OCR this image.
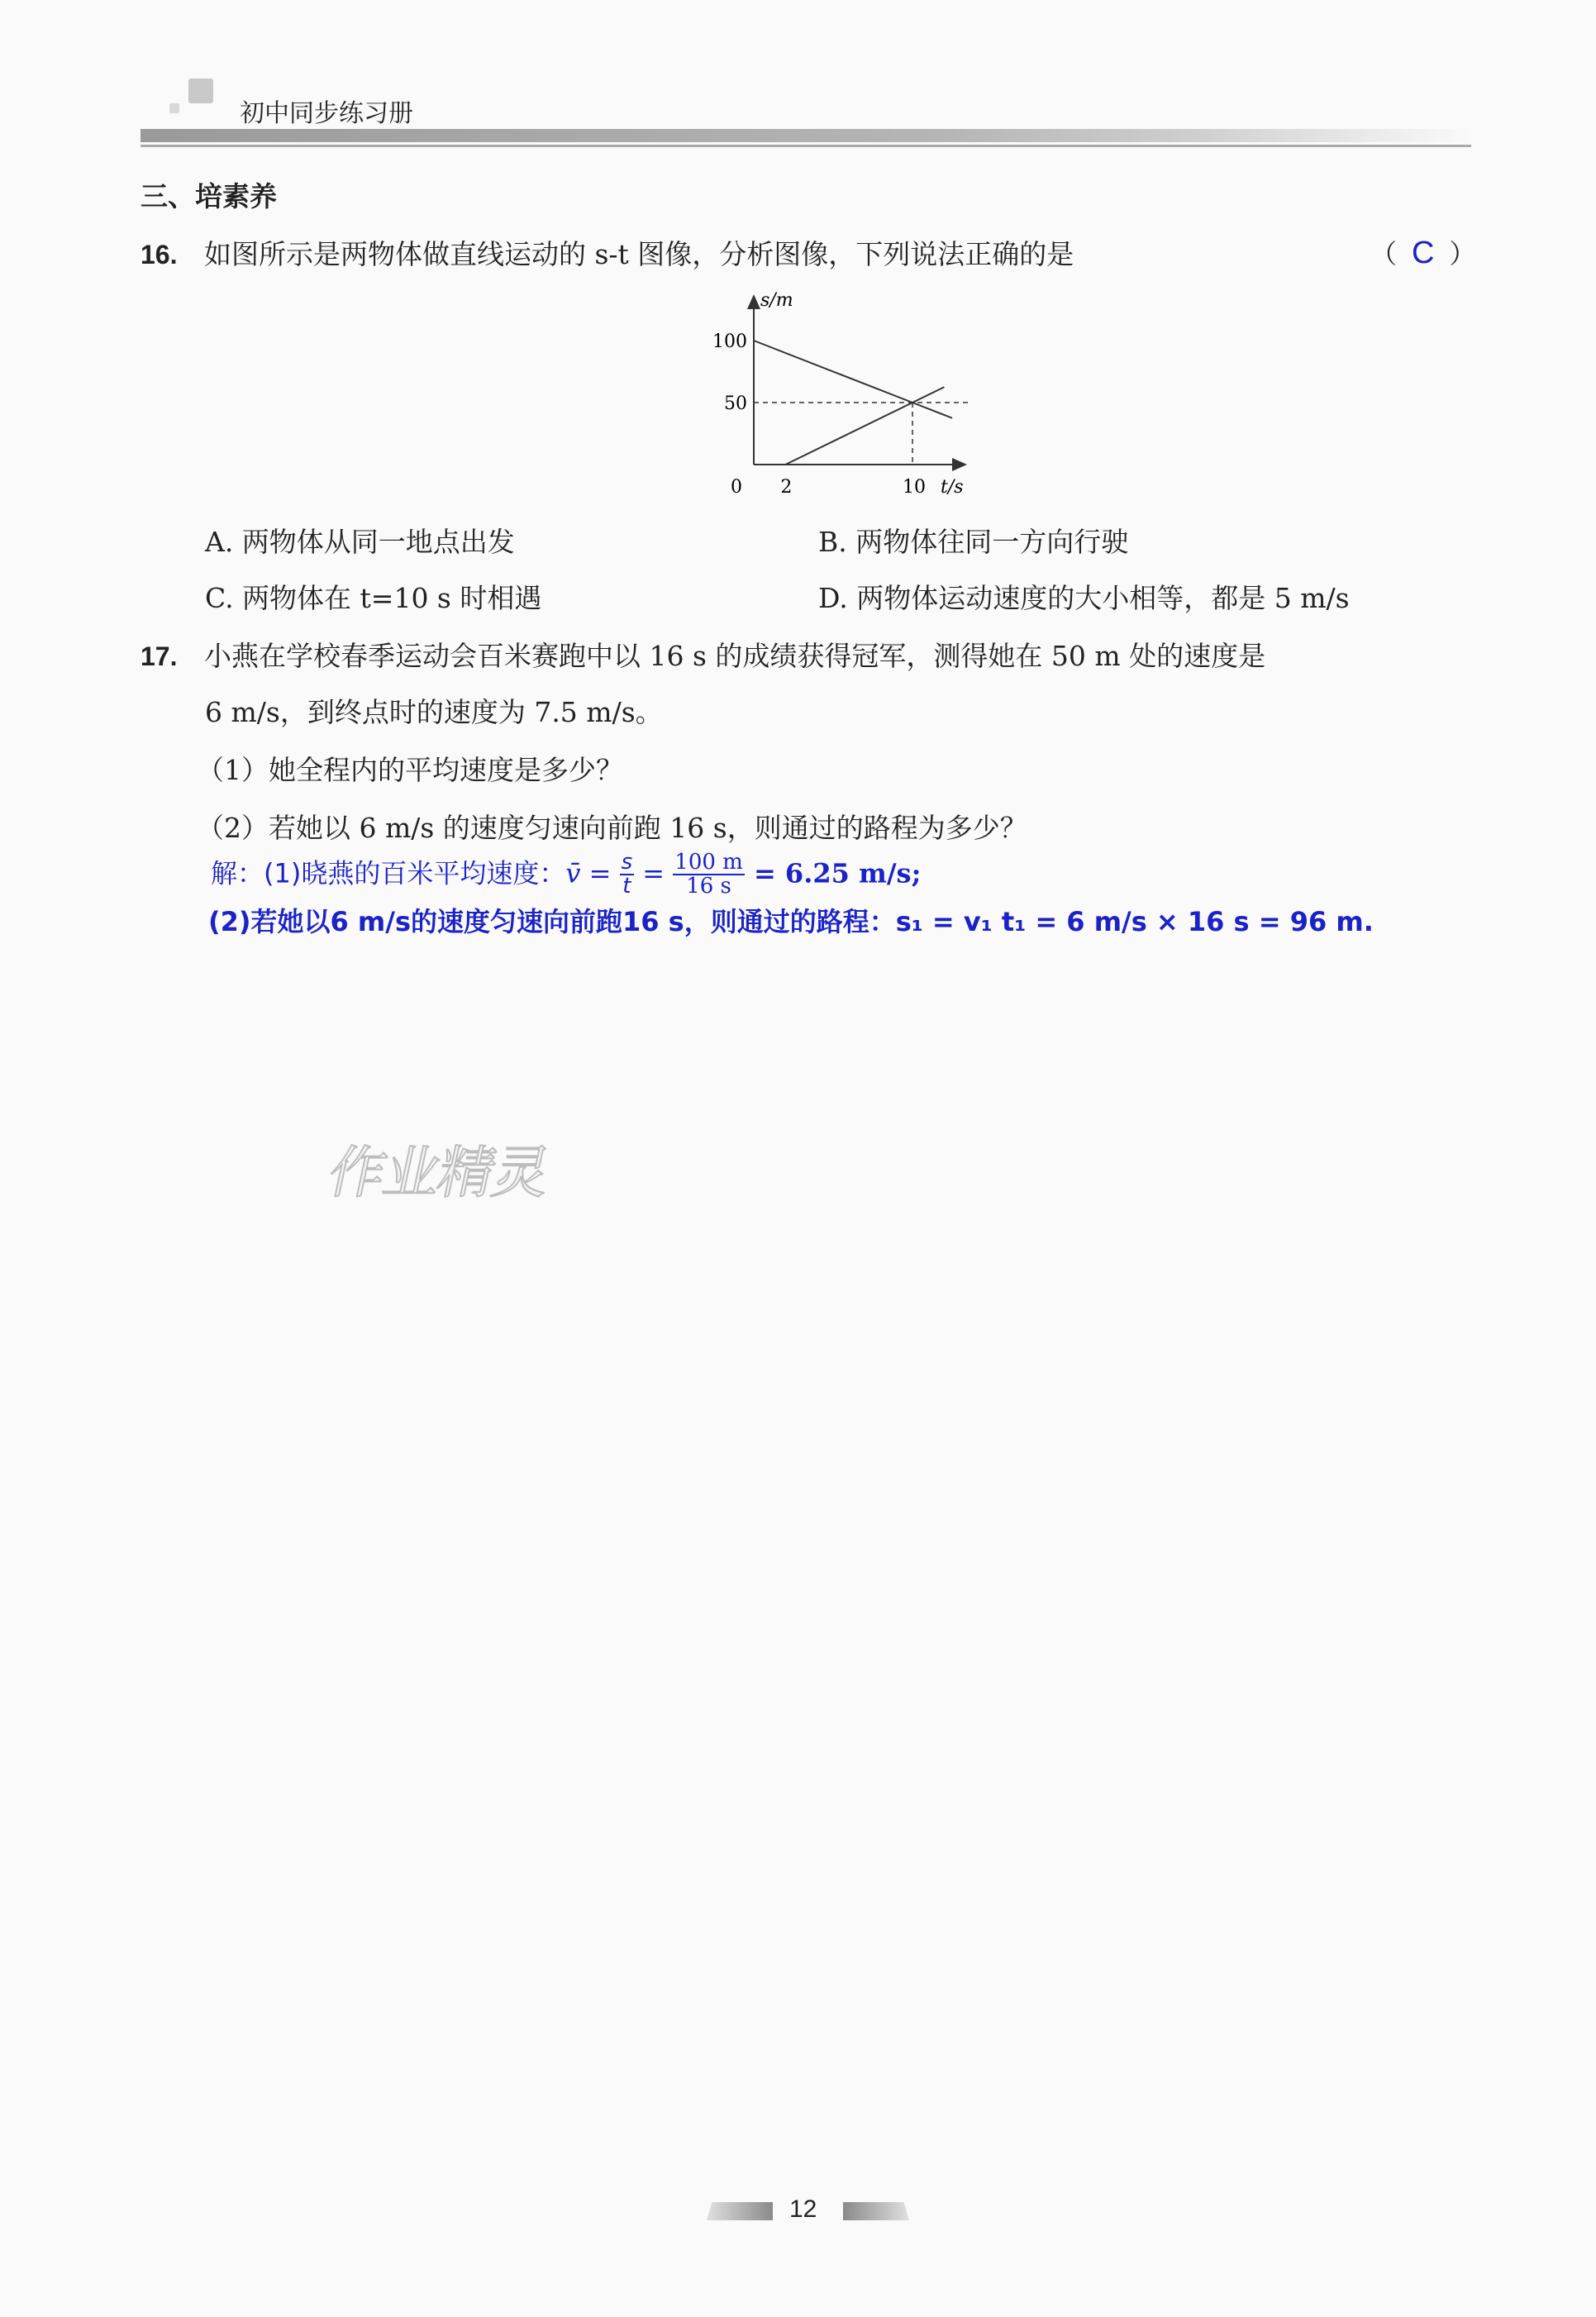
初中同步练习册
三、培素养
16. 如图所示是两物体做直线运动的 s-t 图像，分析图像，下列说法正确的是	（ C ）
0 2	10
100
50
s/m
t/s
A. 两物体从同一地点出发	B. 两物体往同一方向行驶
C. 两物体在 t=10 s 时相遇	D. 两物体运动速度的大小相等，都是 5 m/s
17. 小燕在学校春季运动会百米赛跑中以 16 s 的成绩获得冠军，测得她在 50 m 处的速度是
6 m/s，到终点时的速度为 7.5 m/s。
（1）她全程内的平均速度是多少？
（2）若她以 6 m/s 的速度匀速向前跑 16 s，则通过的路程为多少？
解：(1)晓燕的百米平均速度：v̄ = $\frac{s}{t} = \frac{100 m}{16 s} = 6.25$ m/s;
(2)若她以6 m/s的速度匀速向前跑16 s，则通过的路程：s₁ = v₁ t₁ = 6 m/s × 16 s = 96 m.
作业精灵
12
